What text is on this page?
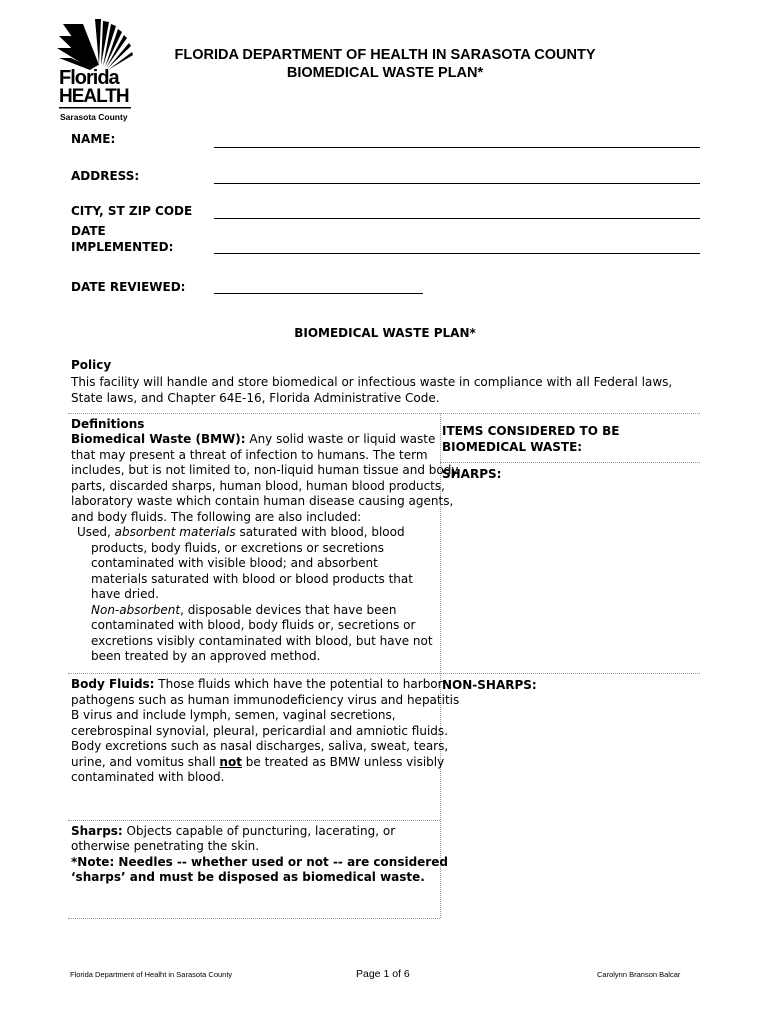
Florida
HEALTH
Sarasota County
FLORIDA DEPARTMENT OF HEALTH IN SARASOTA COUNTY
BIOMEDICAL WASTE PLAN*
NAME:
ADDRESS:
CITY, ST ZIP CODE
DATE
IMPLEMENTED:
DATE REVIEWED:
BIOMEDICAL WASTE PLAN*
Policy
This facility will handle and store biomedical or infectious waste in compliance with all Federal laws, State laws, and Chapter 64E-16, Florida Administrative Code.
Definitions
Biomedical Waste (BMW): Any solid waste or liquid waste
that may present a threat of infection to humans. The term
includes, but is not limited to, non-liquid human tissue and body
parts, discarded sharps, human blood, human blood products,
laboratory waste which contain human disease causing agents,
and body fluids. The following are also included:
Used, absorbent materials saturated with blood, blood
products, body fluids, or excretions or secretions
contaminated with visible blood; and absorbent
materials saturated with blood or blood products that
have dried.
Non-absorbent, disposable devices that have been
contaminated with blood, body fluids or, secretions or
excretions visibly contaminated with blood, but have not
been treated by an approved method.
Body Fluids: Those fluids which have the potential to harbor
pathogens such as human immunodeficiency virus and hepatitis
B virus and include lymph, semen, vaginal secretions,
cerebrospinal synovial, pleural, pericardial and amniotic fluids.
Body excretions such as nasal discharges, saliva, sweat, tears,
urine, and vomitus shall not be treated as BMW unless visibly
contaminated with blood.
Sharps: Objects capable of puncturing, lacerating, or
otherwise penetrating the skin.
*Note: Needles -- whether used or not -- are considered
‘sharps’ and must be disposed as biomedical waste.
ITEMS CONSIDERED TO BE
BIOMEDICAL WASTE:
SHARPS:
NON-SHARPS:
Florida Department of Healht in Sarasota County	Page 1 of 6	Carolynn Branson Balcar
